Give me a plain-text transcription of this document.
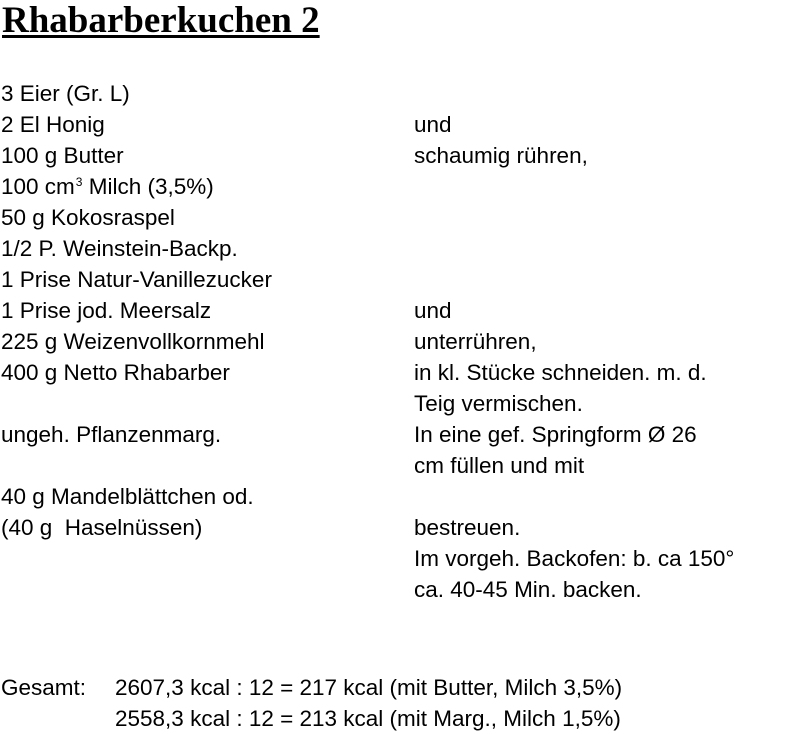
Rhabarberkuchen 2
3 Eier (Gr. L)
2 El Honig	und
100 g Butter	schaumig rühren,
100 $cm^3$ Milch (3,5%)
50 g Kokosraspel
1/2 P. Weinstein-Backp.
1 Prise Natur-Vanillezucker
1 Prise jod. Meersalz	und
225 g Weizenvollkornmehl	unterrühren,
400 g Netto Rhabarber	in kl. Stücke schneiden. m. d.
Teig vermischen.
ungeh. Pflanzenmarg.	In eine gef. Springform Ø 26
cm füllen und mit
40 g Mandelblättchen od.
(40 g  Haselnüssen)	bestreuen.
Im vorgeh. Backofen: b. ca 150°
ca. 40-45 Min. backen.
Gesamt: 2607,3 kcal : 12 = 217 kcal (mit Butter, Milch 3,5%)
2558,3 kcal : 12 = 213 kcal (mit Marg., Milch 1,5%)
